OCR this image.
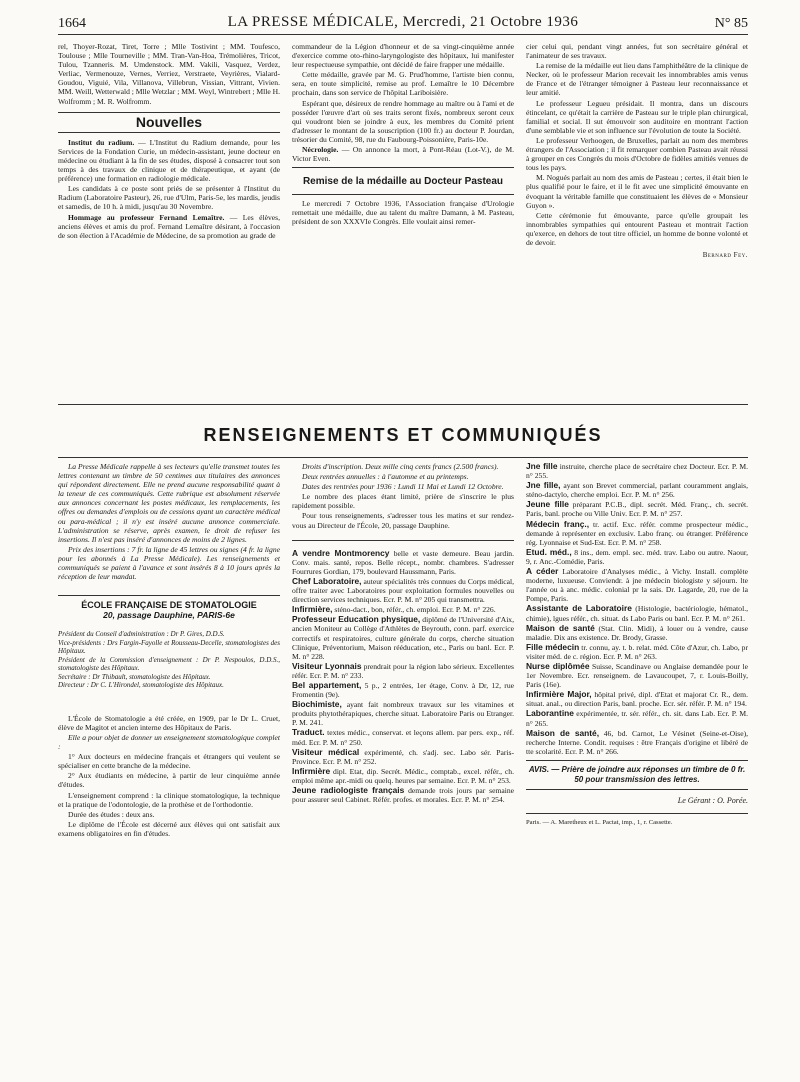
1664	LA PRESSE MÉDICALE, Mercredi, 21 Octobre 1936	N° 85

rel, Thoyer-Rozat, Tiret, Torre ; Mlle Tostivint ; MM. Toufesco, Toulouse ; Mlle Tourneville ; MM. Tran-Van-Hoa, Trémolières, Tricot, Tulou, Tzanneris. M. Umdenstock. MM. Vakili, Vasquez, Verdez, Verliac, Vermenouze, Vernes, Verriez, Verstraete, Veyrières, Vialard-Goudou, Viguié, Vila, Villanova, Villebrun, Vissian, Vittrant, Vivien. MM. Weill, Wetterwald ; Mlle Wetzlar ; MM. Weyl, Wintrebert ; Mlle H. Wolfromm ; M. R. Wolfromm.

Nouvelles

Institut du radium. — L'Institut du Radium demande, pour les Services de la Fondation Curie, un médecin-assistant, jeune docteur en médecine ou étudiant à la fin de ses études, disposé à consacrer tout son temps à des travaux de clinique et de thérapeutique, et ayant (de préférence) une formation en radiologie médicale.

Les candidats à ce poste sont priés de se présenter à l'Institut du Radium (Laboratoire Pasteur), 26, rue d'Ulm, Paris-5e, les mardis, jeudis et samedis, de 10 h. à midi, jusqu'au 30 Novembre.

Hommage au professeur Fernand Lemaître. — Les élèves, anciens élèves et amis du prof. Fernand Lemaître désirant, à l'occasion de son élection à l'Académie de Médecine, de sa promotion au grade de

commandeur de la Légion d'honneur et de sa vingt-cinquième année d'exercice comme oto-rhino-laryngologiste des hôpitaux, lui manifester leur respectueuse sympathie, ont décidé de faire frapper une médaille.

Cette médaille, gravée par M. G. Prud'homme, l'artiste bien connu, sera, en toute simplicité, remise au prof. Lemaître le 10 Décembre prochain, dans son service de l'hôpital Lariboisière.

Espérant que, désireux de rendre hommage au maître ou à l'ami et de posséder l'œuvre d'art où ses traits seront fixés, nombreux seront ceux qui voudront bien se joindre à eux, les membres du Comité prient d'adresser le montant de la souscription (100 fr.) au docteur P. Jourdan, trésorier du Comité, 98, rue du Faubourg-Poissonière, Paris-10e.

Nécrologie. — On annonce la mort, à Pont-Réau (Lot-V.), de M. Victor Even.

Remise de la médaille au Docteur Pasteau

Le mercredi 7 Octobre 1936, l'Association française d'Urologie remettait une médaille, due au talent du maître Damann, à M. Pasteau, président de son XXXVIe Congrès. Elle voulait ainsi remer-

cier celui qui, pendant vingt années, fut son secrétaire général et l'animateur de ses travaux.

La remise de la médaille eut lieu dans l'amphithéâtre de la clinique de Necker, où le professeur Marion recevait les innombrables amis venus de France et de l'étranger témoigner à Pasteau leur reconnaissance et leur amitié.

Le professeur Legueu présidait. Il montra, dans un discours étincelant, ce qu'était la carrière de Pasteau sur le triple plan chirurgical, familial et social. Il sut émouvoir son auditoire en montrant l'action d'une semblable vie et son influence sur l'évolution de toute la Société.

Le professeur Verhoogen, de Bruxelles, parlait au nom des membres étrangers de l'Association ; il fit remarquer combien Pasteau avait réussi à grouper en ces Congrès du mois d'Octobre de fidèles amitiés venues de tous les pays.

M. Nogués parlait au nom des amis de Pasteau ; certes, il était bien le plus qualifié pour le faire, et il le fit avec une simplicité émouvante en évoquant la véritable famille que constituaient les élèves de « Monsieur Guyon ».

Cette cérémonie fut émouvante, parce qu'elle groupait les innombrables sympathies qui entourent Pasteau et montrait l'action qu'exerce, en dehors de tout titre officiel, un homme de bonne volonté et de devoir.

Bernard Fey.
RENSEIGNEMENTS ET COMMUNIQUÉS

La Presse Médicale rappelle à ses lecteurs qu'elle transmet toutes les lettres contenant un timbre de 50 centimes aux titulaires des annonces qui répondent directement. Elle ne prend aucune responsabilité quant à la teneur de ces communiqués. Cette rubrique est absolument réservée aux annonces concernant les postes médicaux, les remplacements, les offres ou demandes d'emplois ou de cessions ayant un caractère médical ou para-médical ; il n'y est inséré aucune annonce commerciale. L'administration se réserve, après examen, le droit de refuser les insertions. Il n'est pas inséré d'annonces de moins de 2 lignes.

Prix des insertions : 7 fr. la ligne de 45 lettres ou signes (4 fr. la ligne pour les abonnés à La Presse Médicale). Les renseignements et communiqués se paient à l'avance et sont insérés 8 à 10 jours après la réception de leur mandat.

ÉCOLE FRANÇAISE DE STOMATOLOGIE
20, passage Dauphine, PARIS-6e

Président du Conseil d'administration : Dr P. Gires, D.D.S.

Vice-présidents : Drs Fargin-Fayolle et Rousseau-Decelle, stomatologistes des Hôpitaux.

Président de la Commission d'enseignement : Dr P. Nespoulos, D.D.S., stomatologiste des Hôpitaux.

Secrétaire : Dr Thibault, stomatologiste des Hôpitaux.

Directeur : Dr C. L'Hirondel, stomatologiste des Hôpitaux.

L'École de Stomatologie a été créée, en 1909, par le Dr L. Cruet, élève de Magitot et ancien interne des Hôpitaux de Paris.

Elle a pour objet de donner un enseignement stomatologique complet :

1° Aux docteurs en médecine français et étrangers qui veulent se spécialiser en cette branche de la médecine.

2° Aux étudiants en médecine, à partir de leur cinquième année d'études.

L'enseignement comprend : la clinique stomatologique, la technique et la pratique de l'odontologie, de la prothèse et de l'orthodontie.

Durée des études : deux ans.

Le diplôme de l'École est décerné aux élèves qui ont satisfait aux examens obligatoires en fin d'études.

Droits d'inscription. Deux mille cinq cents francs (2.500 francs).

Deux rentrées annuelles : à l'automne et au printemps.

Dates des rentrées pour 1936 : Lundi 11 Mai et Lundi 12 Octobre.

Le nombre des places étant limité, prière de s'inscrire le plus rapidement possible.

Pour tous renseignements, s'adresser tous les matins et sur rendez-vous au Directeur de l'École, 20, passage Dauphine.

A vendre Montmorency belle et vaste demeure. Beau jardin. Conv. mais. santé, repos. Belle récept., nombr. chambres. S'adresser Fourrures Gordian, 179, boulevard Haussmann, Paris.

Chef Laboratoire, auteur spécialités très connues du Corps médical, offre traiter avec Laboratoires pour exploitation formules nouvelles ou direction services techniques. Ecr. P. M. n° 205 qui transmettra.

Infirmière, sténo-dact., bon, référ., ch. emploi. Ecr. P. M. n° 226.

Professeur Education physique, diplômé de l'Université d'Aix, ancien Moniteur au Collège d'Athlètes de Beyrouth, conn. parf. exercice correctifs et respiratoires, culture générale du corps, cherche situation Clinique, Préventorium, Maison rééducation, etc., Paris ou banl. Ecr. P. M. n° 228.

Visiteur Lyonnais prendrait pour la région labo sérieux. Excellentes référ. Ecr. P. M. n° 233.

Bel appartement, 5 p., 2 entrées, 1er étage, Conv. à Dr, 12, rue Fromentin (9e).

Biochimiste, ayant fait nombreux travaux sur les vitamines et produits phytothérapiques, cherche situat. Laboratoire Paris ou Etranger. P. M. 241.

Traduct. textes médic., conservat. et leçons allem. par pers. exp., réf. méd. Ecr. P. M. n° 250.

Visiteur médical expérimenté, ch. s'adj. sec. Labo sér. Paris-Province. Ecr. P. M. n° 252.

Infirmière dipl. Etat, dip. Secrét. Médic., comptab., excel. référ., ch. emploi même apr.-midi ou quelq. heures par semaine. Ecr. P. M. n° 253.

Jeune radiologiste français demande trois jours par semaine pour assurer seul Cabinet. Référ. profes. et morales. Ecr. P. M. n° 254.

Jne fille instruite, cherche place de secrétaire chez Docteur. Ecr. P. M. n° 255.

Jne fille, ayant son Brevet commercial, parlant couramment anglais, sténo-dactylo, cherche emploi. Ecr. P. M. n° 256.

Jeune fille préparant P.C.B., dipl. secrét. Méd. Franç., ch. secrét. Paris, banl. proche ou Ville Univ. Ecr. P. M. n° 257.

Médecin franç., tr. actif. Exc. référ. comme prospecteur médic., demande à représenter en exclusiv. Labo franç. ou étranger. Préférence rég. Lyonnaise et Sud-Est. Ecr. P. M. n° 258.

Etud. méd., 8 ins., dem. empl. sec. méd. trav. Labo ou autre. Naour, 9, r. Anc.-Comédie, Paris.

A céder Laboratoire d'Analyses médic., à Vichy. Install. complète moderne, luxueuse. Conviendr. à jne médecin biologiste y séjourn. lte l'année ou à anc. médic. colonial pr la sais. Dr. Lagarde, 20, rue de la Pompe, Paris.

Assistante de Laboratoire (Histologie, bactériologie, hématol., chimie), lgues référ., ch. situat. ds Labo Paris ou banl. Ecr. P. M. n° 261.

Maison de santé (Stat. Clin. Midi), à louer ou à vendre, cause maladie. Dix ans existence. Dr. Brody, Grasse.

Fille médecin tr. connu, ay. t. b. relat. méd. Côte d'Azur, ch. Labo, pr visiter méd. de c. région. Ecr. P. M. n° 263.

Nurse diplômée Suisse, Scandinave ou Anglaise demandée pour le 1er Novembre. Ecr. renseignem. de Lavaucoupet, 7, r. Louis-Boilly, Paris (16e).

Infirmière Major, hôpital privé, dipl. d'Etat et majorat Cr. R., dem. situat. anal., ou direction Paris, banl. proche. Ecr. sér. référ. P. M. n° 194.

Laborantine expérimentée, tr. sér. référ., ch. sit. dans Lab. Ecr. P. M. n° 265.

Maison de santé, 46, bd. Carnot, Le Vésinet (Seine-et-Oise), recherche Interne. Condit. requises : être Français d'origine et libéré de tte scolarité. Ecr. P. M. n° 266.

AVIS. — Prière de joindre aux réponses un timbre de 0 fr. 50 pour transmission des lettres.
Le Gérant : O. Porée.
Paris. — A. Maretheux et L. Pactat, imp., 1, r. Cassette.
